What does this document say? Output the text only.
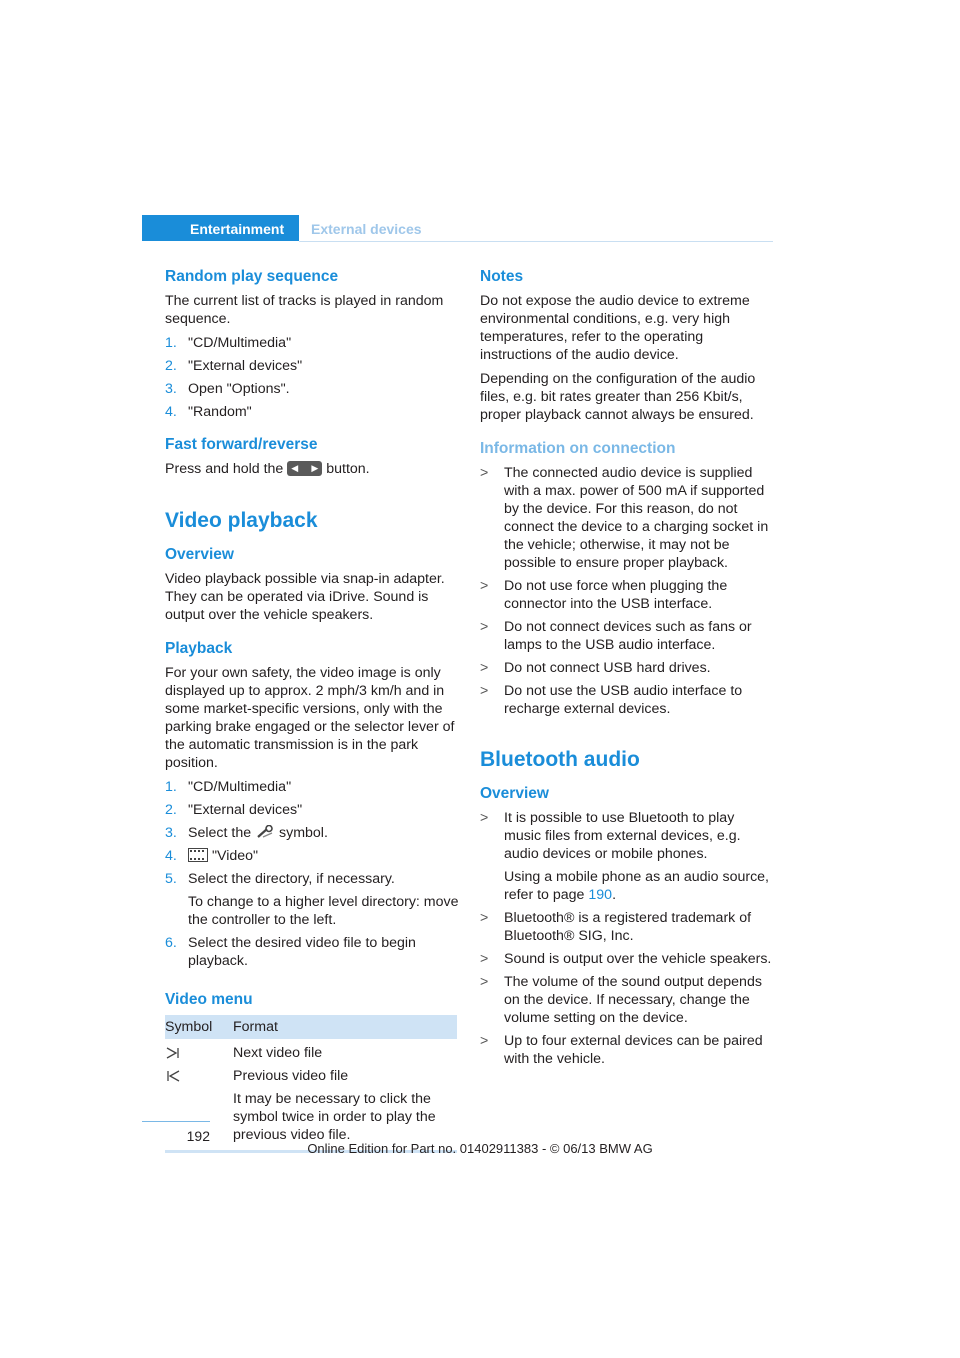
Entertainment External devices
Random play sequence

The current list of tracks is played in random sequence.

1. "CD/Multimedia"
2. "External devices"
3. Open "Options".
4. "Random"
Fast forward/reverse

Press and hold the ◀ ▶ button.

Video playback
Overview

Video playback possible via snap-in adapter. They can be operated via iDrive. Sound is output over the vehicle speakers.

Playback

For your own safety, the video image is only displayed up to approx. 2 mph/3 km/h and in some market-specific versions, only with the parking brake engaged or the selector lever of the automatic transmission is in the park position.

1. "CD/Multimedia"
2. "External devices"
3. Select the symbol.
4. "Video"
5. Select the directory, if necessary.
To change to a higher level directory: move the controller to the left.
6. Select the desired video file to begin playback.
Video menu
Symbol Format
Next video file
Previous video file
It may be necessary to click the symbol twice in order to play the previous video file.
Notes

Do not expose the audio device to extreme environmental conditions, e.g. very high temperatures, refer to the operating instructions of the audio device.

Depending on the configuration of the audio files, e.g. bit rates greater than 256 Kbit/s, proper playback cannot always be ensured.

Information on connection
> The connected audio device is supplied with a max. power of 500 mA if supported by the device. For this reason, do not connect the device to a charging socket in the vehicle; otherwise, it may not be possible to ensure proper playback.
> Do not use force when plugging the connector into the USB interface.
> Do not connect devices such as fans or lamps to the USB audio interface.
> Do not connect USB hard drives.
> Do not use the USB audio interface to recharge external devices.
Bluetooth audio
Overview
> It is possible to use Bluetooth to play music files from external devices, e.g. audio devices or mobile phones.
Using a mobile phone as an audio source, refer to page 190.
> Bluetooth® is a registered trademark of Bluetooth® SIG, Inc.
> Sound is output over the vehicle speakers.
> The volume of the sound output depends on the device. If necessary, change the volume setting on the device.
> Up to four external devices can be paired with the vehicle.
192
Online Edition for Part no. 01402911383 - © 06/13 BMW AG
